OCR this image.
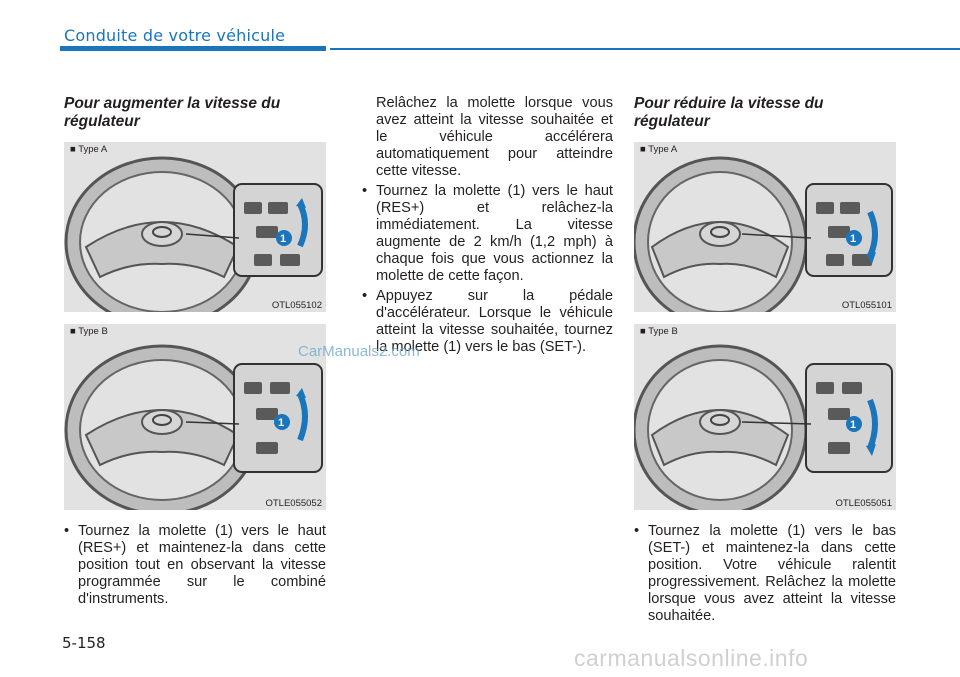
Conduite de votre véhicule
Pour augmenter la vitesse du régulateur
1
■ Type A
OTL055102
1
■ Type B
OTLE055052
• Tournez la molette (1) vers le haut (RES+) et maintenez-la dans cette position tout en observant la vitesse programmée sur le combiné d'instruments.
Relâchez la molette lorsque vous avez atteint la vitesse souhaitée et le véhicule accélérera automatiquement pour atteindre cette vitesse.
• Tournez la molette (1) vers le haut (RES+) et relâchez-la immédiatement. La vitesse augmente de 2 km/h (1,2 mph) à chaque fois que vous actionnez la molette de cette façon.
• Appuyez sur la pédale d'accélérateur. Lorsque le véhicule atteint la vitesse souhaitée, tournez la molette (1) vers le bas (SET-).
Pour réduire la vitesse du régulateur
1
■ Type A
OTL055101
1
■ Type B
OTLE055051
• Tournez la molette (1) vers le bas (SET-) et maintenez-la dans cette position. Votre véhicule ralentit progressivement. Relâchez la molette lorsque vous avez atteint la vitesse souhaitée.
5-158
CarManuals2.com
carmanualsonline.info
